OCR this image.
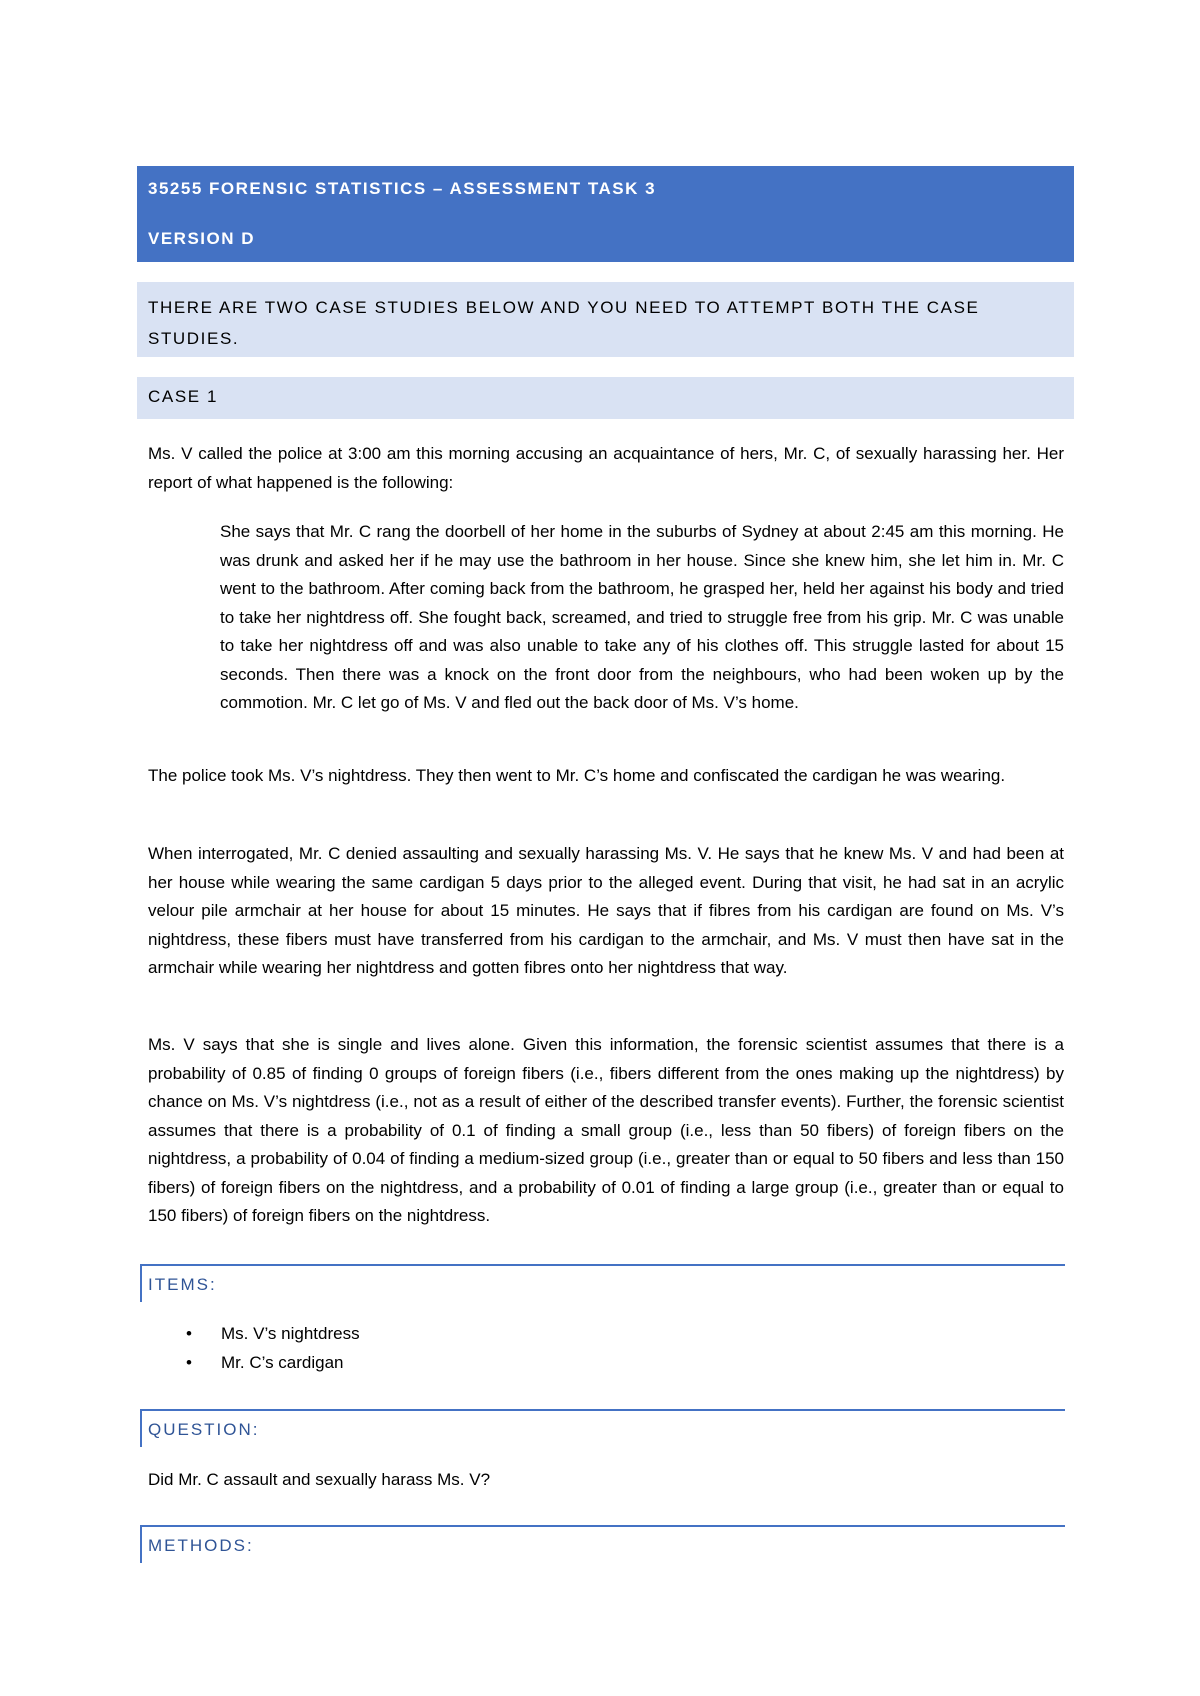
35255 FORENSIC STATISTICS – ASSESSMENT TASK 3
VERSION D
THERE ARE TWO CASE STUDIES BELOW AND YOU NEED TO ATTEMPT BOTH THE CASE STUDIES.
CASE 1

Ms. V called the police at 3:00 am this morning accusing an acquaintance of hers, Mr. C, of sexually harassing her. Her report of what happened is the following:

She says that Mr. C rang the doorbell of her home in the suburbs of Sydney at about 2:45 am this morning. He was drunk and asked her if he may use the bathroom in her house. Since she knew him, she let him in. Mr. C went to the bathroom. After coming back from the bathroom, he grasped her, held her against his body and tried to take her nightdress off. She fought back, screamed, and tried to struggle free from his grip. Mr. C was unable to take her nightdress off and was also unable to take any of his clothes off. This struggle lasted for about 15 seconds. Then there was a knock on the front door from the neighbours, who had been woken up by the commotion. Mr. C let go of Ms. V and fled out the back door of Ms. V’s home.

The police took Ms. V’s nightdress. They then went to Mr. C’s home and confiscated the cardigan he was wearing.

When interrogated, Mr. C denied assaulting and sexually harassing Ms. V. He says that he knew Ms. V and had been at her house while wearing the same cardigan 5 days prior to the alleged event. During that visit, he had sat in an acrylic velour pile armchair at her house for about 15 minutes. He says that if fibres from his cardigan are found on Ms. V’s nightdress, these fibers must have transferred from his cardigan to the armchair, and Ms. V must then have sat in the armchair while wearing her nightdress and gotten fibres onto her nightdress that way.

Ms. V says that she is single and lives alone. Given this information, the forensic scientist assumes that there is a probability of 0.85 of finding 0 groups of foreign fibers (i.e., fibers different from the ones making up the nightdress) by chance on Ms. V’s nightdress (i.e., not as a result of either of the described transfer events). Further, the forensic scientist assumes that there is a probability of 0.1 of finding a small group (i.e., less than 50 fibers) of foreign fibers on the nightdress, a probability of 0.04 of finding a medium-sized group (i.e., greater than or equal to 50 fibers and less than 150 fibers) of foreign fibers on the nightdress, and a probability of 0.01 of finding a large group (i.e., greater than or equal to 150 fibers) of foreign fibers on the nightdress.

ITEMS:
• Ms. V’s nightdress
• Mr. C’s cardigan
QUESTION:

Did Mr. C assault and sexually harass Ms. V?

METHODS:
